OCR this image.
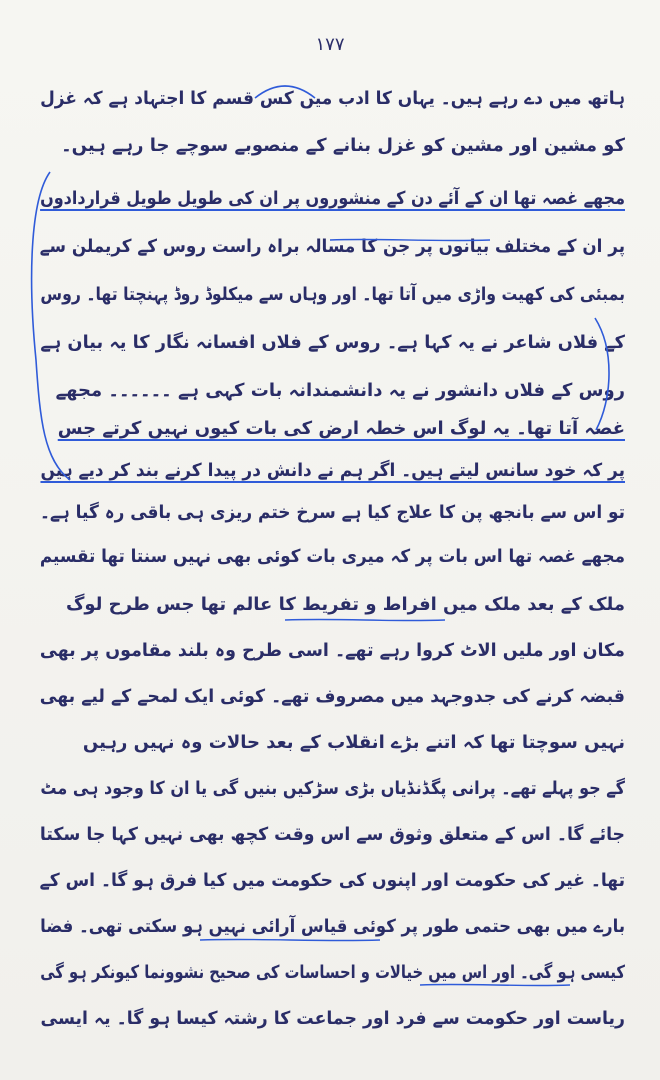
۱۷۷
ہاتھ میں دے رہے ہیں۔ یہاں کا ادب میں کس قسم کا اجتہاد ہے کہ غزل
کو مشین اور مشین کو غزل بنانے کے منصوبے سوچے جا رہے ہیں۔
مجھے غصہ تھا ان کے آئے دن کے منشوروں پر ان کی طویل طویل قراردادوں
پر ان کے مختلف بیانوں پر جن کا مسالہ براہ راست روس کے کریملن سے
بمبئی کی کھیت واڑی میں آتا تھا۔ اور وہاں سے میکلوڈ روڈ پہنچتا تھا۔ روس
کے فلاں شاعر نے یہ کہا ہے۔ روس کے فلاں افسانہ نگار کا یہ بیان ہے
روس کے فلاں دانشور نے یہ دانشمندانہ بات کہی ہے ۔۔۔۔۔۔ مجھے
غصہ آتا تھا۔ یہ لوگ اس خطہ ارض کی بات کیوں نہیں کرتے جس
پر کہ خود سانس لیتے ہیں۔ اگر ہم نے دانش در پیدا کرنے بند کر دیے ہیں
تو اس سے بانجھ پن کا علاج کیا ہے سرخ ختم ریزی ہی باقی رہ گیا ہے۔
مجھے غصہ تھا اس بات پر کہ میری بات کوئی بھی نہیں سنتا تھا تقسیم
ملک کے بعد ملک میں افراط و تفریط کا عالم تھا جس طرح لوگ
مکان اور ملیں الاٹ کروا رہے تھے۔ اسی طرح وہ بلند مقاموں پر بھی
قبضہ کرنے کی جدوجہد میں مصروف تھے۔ کوئی ایک لمحے کے لیے بھی
نہیں سوچتا تھا کہ اتنے بڑے انقلاب کے بعد حالات وہ نہیں رہیں
گے جو پہلے تھے۔ پرانی پگڈنڈیاں بڑی سڑکیں بنیں گی یا ان کا وجود ہی مٹ
جائے گا۔ اس کے متعلق وثوق سے اس وقت کچھ بھی نہیں کہا جا سکتا
تھا۔ غیر کی حکومت اور اپنوں کی حکومت میں کیا فرق ہو گا۔ اس کے
بارے میں بھی حتمی طور پر کوئی قیاس آرائی نہیں ہو سکتی تھی۔ فضا
کیسی ہو گی۔ اور اس میں خیالات و احساسات کی صحیح نشوونما کیونکر ہو گی
ریاست اور حکومت سے فرد اور جماعت کا رشتہ کیسا ہو گا۔ یہ ایسی
